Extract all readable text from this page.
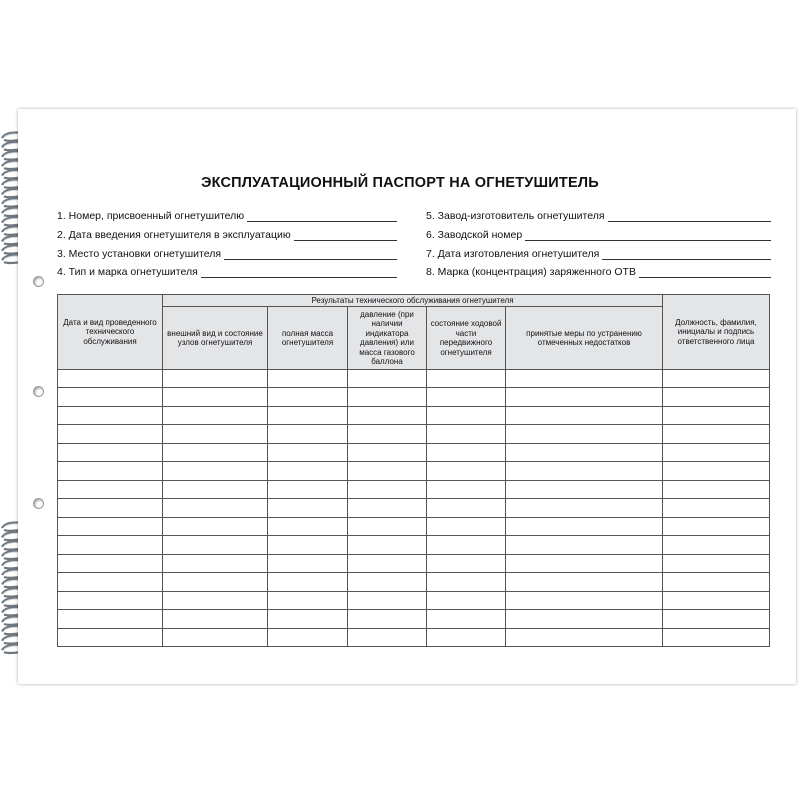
ЭКСПЛУАТАЦИОННЫЙ ПАСПОРТ НА ОГНЕТУШИТЕЛЬ
1. Номер, присвоенный огнетушителю
2. Дата введения огнетушителя в эксплуатацию
3. Место установки огнетушителя
4. Тип и марка огнетушителя
5. Завод-изготовитель огнетушителя
6. Заводской номер
7. Дата изготовления огнетушителя
8. Марка (концентрация) заряженного ОТВ
Дата и вид проведенного технического обслуживания
Результаты технического обслуживания огнетушителя
внешний вид и состояние узлов огнетушителя
полная масса огнетушителя
давление (при наличии индикатора давления) или масса газового баллона
состояние ходовой части передвижного огнетушителя
принятые меры по устранению отмеченных недостатков
Должность, фамилия, инициалы и подпись ответственного лица
